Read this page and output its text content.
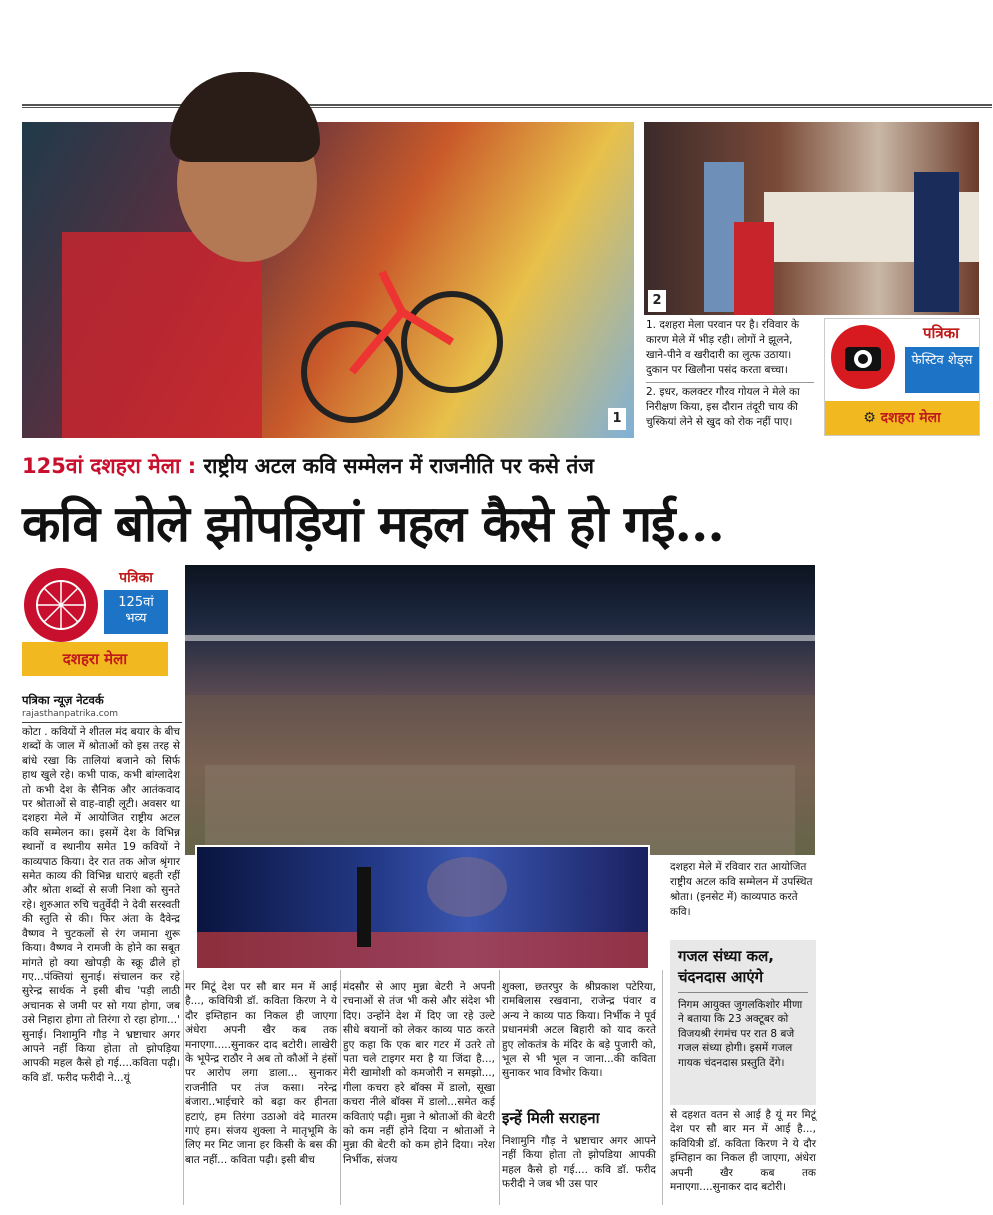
1
2
1. दशहरा मेला परवान पर है। रविवार के कारण मेले में भीड़ रही। लोगों ने झूलने, खाने-पीने व खरीदारी का लुत्फ उठाया। दुकान पर खिलौना पसंद करता बच्चा।
2. इधर, कलक्टर गौरव गोयल ने मेले का निरीक्षण किया, इस दौरान तंदूरी चाय की चुस्कियां लेने से खुद को रोक नहीं पाए।
पत्रिका
फेस्टिव शेड्स
⚙ दशहरा मेला
125वां दशहरा मेला : राष्ट्रीय अटल कवि सम्मेलन में राजनीति पर कसे तंज
कवि बोले झोपड़ियां महल कैसे हो गई...
पत्रिका
125वां भव्य
दशहरा मेला
पत्रिका न्यूज़ नेटवर्क
rajasthanpatrika.com
दशहरा मेले में रविवार रात आयोजित राष्ट्रीय अटल कवि सम्मेलन में उपस्थित श्रोता। (इनसेट में) काव्यपाठ करते कवि।
कोटा . कवियों ने शीतल मंद बयार के बीच शब्दों के जाल में श्रोताओं को इस तरह से बांधे रखा कि तालियां बजाने को सिर्फ हाथ खुले रहे। कभी पाक, कभी बांग्लादेश तो कभी देश के सैनिक और आतंकवाद पर श्रोताओं से वाह-वाही लूटी। अवसर था दशहरा मेले में आयोजित राष्ट्रीय अटल कवि सम्मेलन का। इसमें देश के विभिन्न स्थानों व स्थानीय समेत 19 कवियों ने काव्यपाठ किया। देर रात तक ओज श्रृंगार समेत काव्य की विभिन्न धाराएं बहती रहीं और श्रोता शब्दों से सजी निशा को सुनते रहे। शुरुआत रुचि चतुर्वेदी ने देवी सरस्वती की स्तुति से की। फिर अंता के दैवेन्द्र वैष्णव ने चुटकलों से रंग जमाना शुरू किया। वैष्णव ने रामजी के होने का सबूत मांगते हो क्या खोपड़ी के स्क्रू ढीले हो गए...पंक्तियां सुनाई। संचालन कर रहे सुरेन्द्र सार्थक ने इसी बीच 'पड़ी लाठी अचानक से जमी पर सो गया होगा, जब उसे निहारा होगा तो तिरंगा रो रहा होगा...' सुनाई। निशामुनि गौड़ ने भ्रष्टाचार अगर आपने नहीं किया होता तो झोपड़िया आपकी महल कैसे हो गई....कविता पढ़ी। कवि डॉ. फरीद फरीदी ने...यूं
मर मिटूं देश पर सौ बार मन में आई है..., कवियित्री डॉ. कविता किरण ने ये दौर इम्तिहान का निकल ही जाएगा अंधेरा अपनी खैर कब तक मनाएगा.....सुनाकर दाद बटोरी। लाखेरी के भूपेन्द्र राठौर ने अब तो कौओं ने हंसों पर आरोप लगा डाला... सुनाकर राजनीति पर तंज कसा। नरेन्द्र बंजारा..भाईचारे को बढ़ा कर हीनता हटाएं, हम तिरंगा उठाओ वंदे मातरम गाएं हम। संजय शुक्ला ने मातृभूमि के लिए मर मिट जाना हर किसी के बस की बात नहीं... कविता पढ़ी। इसी बीच
मंदसौर से आए मुन्ना बेटरी ने अपनी रचनाओं से तंज भी कसे और संदेश भी दिए। उन्होंने देश में दिए जा रहे उल्टे सीधे बयानों को लेकर काव्य पाठ करते हुए कहा कि एक बार गटर में उतरे तो पता चले टाइगर मरा है या जिंदा है..., मेरी खामोशी को कमजोरी न समझो..., गीला कचरा हरे बॉक्स में डालो, सूखा कचरा नीले बॉक्स में डालो...समेत कई कविताएं पढ़ी। मुन्ना ने श्रोताओं की बेटरी को कम नहीं होने दिया न श्रोताओं ने मुन्ना की बेटरी को कम होने दिया। नरेश निर्भीक, संजय
शुक्ला, छतरपुर के श्रीप्रकाश पटेरिया, रामबिलास रखवाना, राजेन्द्र पंवार व अन्य ने काव्य पाठ किया। निर्भीक ने पूर्व प्रधानमंत्री अटल बिहारी को याद करते हुए लोकतंत्र के मंदिर के बड़े पुजारी को, भूल से भी भूल न जाना...की कविता सुनाकर भाव विभोर किया।
इन्हें मिली सराहना
निशामुनि गौड़ ने भ्रष्टाचार अगर आपने नहीं किया होता तो झोपडिया आपकी महल कैसे हो गई.... कवि डॉ. फरीद फरीदी ने जब भी उस पार
गजल संध्या कल, चंदनदास आएंगे
निगम आयुक्त जुगलकिशोर मीणा ने बताया कि 23 अक्टूबर को विजयश्री रंगमंच पर रात 8 बजे गजल संध्या होगी। इसमें गजल गायक चंदनदास प्रस्तुति देंगे।
से दहशत वतन से आई है यूं मर मिटूं देश पर सौ बार मन में आई है..., कवियित्री डॉ. कविता किरण ने ये दौर इम्तिहान का निकल ही जाएगा, अंधेरा अपनी खैर कब तक मनाएगा....सुनाकर दाद बटोरी।
